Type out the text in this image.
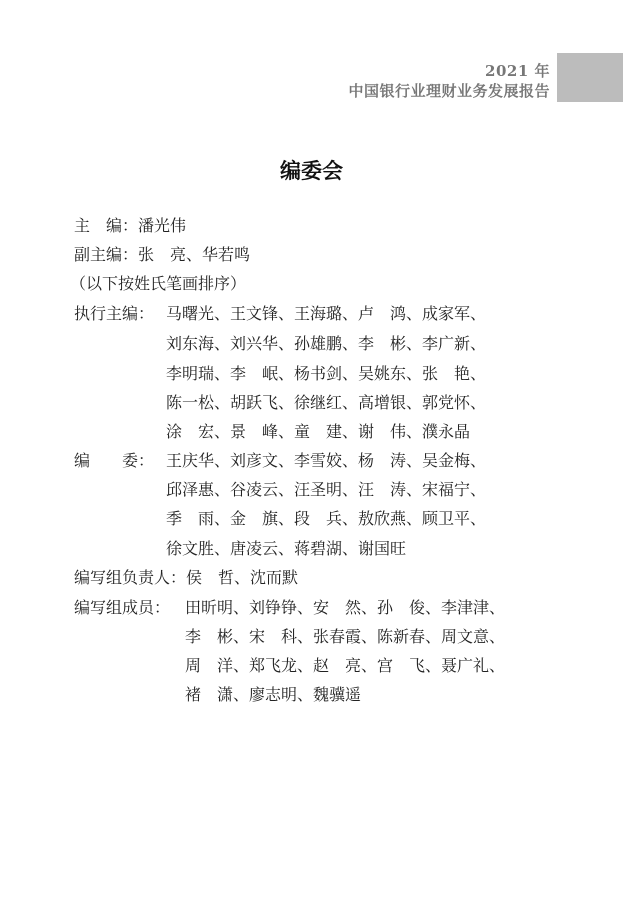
2021 年
中国银行业理财业务发展报告
编委会
主　编：潘光伟
副主编：张　亮、华若鸣
（以下按姓氏笔画排序）
执行主编： 马曙光、王文锋、王海璐、卢　鸿、成家军、
刘东海、刘兴华、孙雄鹏、李　彬、李广新、
李明瑞、李　岷、杨书剑、吴姚东、张　艳、
陈一松、胡跃飞、徐继红、高增银、郭党怀、
涂　宏、景　峰、童　建、谢　伟、濮永晶
编　　委： 王庆华、刘彦文、李雪姣、杨　涛、吴金梅、
邱泽惠、谷凌云、汪圣明、汪　涛、宋福宁、
季　雨、金　旗、段　兵、敖欣燕、顾卫平、
徐文胜、唐凌云、蒋碧湖、谢国旺
编写组负责人：侯　哲、沈而默
编写组成员： 田昕明、刘铮铮、安　然、孙　俊、李津津、
李　彬、宋　科、张春霞、陈新春、周文意、
周　洋、郑飞龙、赵　亮、宫　飞、聂广礼、
褚　潇、廖志明、魏骥遥
